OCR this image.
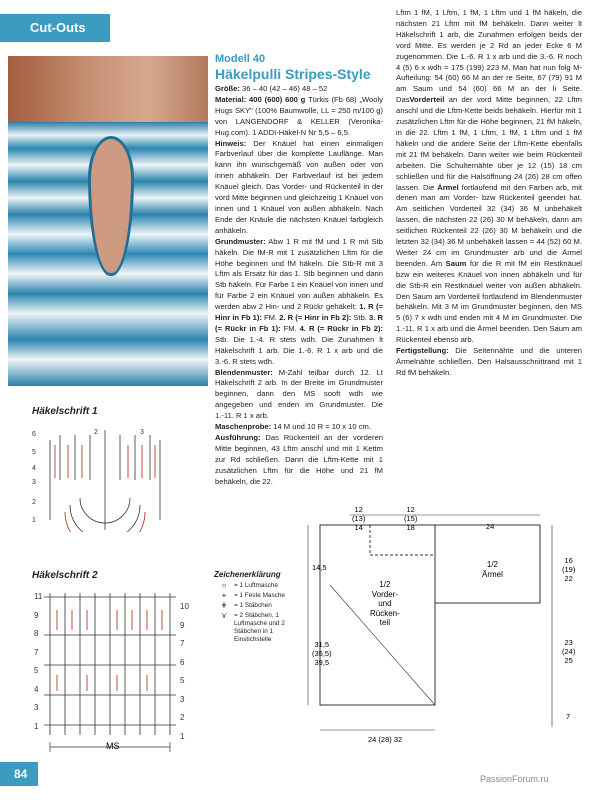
Cut-Outs
Häkelschrift 1
6
5
4
3
2
1
2	3
Häkelschrift 2
MS
11
9
8
7
5
4
3
1
10
9
7
6
5
3
2
1
Modell 40
Häkelpulli Stripes-Style

Größe: 36 – 40 (42 – 46) 48 – 52

Material: 400 (600) 600 g Türkis (Fb 68) „Wooly Hugs SKY" (100% Baumwolle, LL = 250 m/100 g) von LANGENDORF & KELLER (Veronika-Hug.com). 1 ADDI-Häkel-N Nr 5,5 – 6,5.

Hinweis: Der Knäuel hat einen einmaligen Farbverlauf über die komplette Lauflänge. Man kann ihn wunschgemäß von außen oder von innen abhäkeln. Der Farbverlauf ist bei jedem Knäuel gleich. Das Vorder- und Rückenteil in der vord Mitte beginnen und gleichzeitig 1 Knäuel von innen und 1 Knäuel von außen abhäkeln. Nach Ende der Knäule die nächsten Knäuel farbgleich anhäkeln.

Grundmuster: Abw 1 R mit fM und 1 R mit Stb häkeln. Die fM-R mit 1 zusätzlichen Lftm für die Höhe beginnen und fM häkeln. Die Stb-R mit 3 Lftm als Ersatz für das 1. Stb beginnen und dann Stb häkeln. Für Farbe 1 ein Knäuel von innen und für Farbe 2 ein Knäuel von außen abhäkeln. Es werden abw 2 Hin- und 2 Rückr gehäkelt: 1. R (= Hinr in Fb 1): FM. 2. R (= Hinr in Fb 2): Stb. 3. R (= Rückr in Fb 1): FM. 4. R (= Rückr in Fb 2): Stb. Die 1.-4. R stets wdh. Die Zunahmen lt Häkelschrift 1 arb. Die 1.-6. R 1 x arb und die 3.-6. R stets wdh.

Blendenmuster: M-Zahl teilbar durch 12. Lt Häkelschrift 2 arb. In der Breite im Grundmuster beginnen, dann den MS sooft wdh wie angegeben und enden im Grundmuster. Die 1.-11. R 1 x arb.

Maschenprobe: 14 M und 10 R = 10 x 10 cm.

Ausführung: Das Rückenteil an der vorderen Mitte beginnen, 43 Lftm anschl und mit 1 Kettm zur Rd schließen. Dann die Lftm-Kette mit 1 zusätzlichen Lftm für die Höhe und 21 fM behäkeln, die 22.

Lftm 1 fM, 1 Lftm, 1 fM, 1 Lftm und 1 fM häkeln, die nächsten 21 Lftm mit fM behäkeln. Dann weiter lt Häkelschrift 1 arb, die Zunahmen erfolgen beids der vord Mitte. Es werden je 2 Rd an jeder Ecke 6 M zugenommen. Die 1.-6. R 1 x arb und die 3.-6. R noch 4 (5) 6 x wdh = 175 (199) 223 M. Man hat nun folg M-Aufteilung: 54 (60) 66 M an der re Seite, 67 (79) 91 M am Saum und 54 (60) 66 M an der li Seite. DasVorderteil an der vord Mitte beginnen, 22 Lftm anschl und die Lftm-Kette beids behäkeln. Hierfür mit 1 zusätzlichen Lftm für die Höhe beginnen, 21 fM häkeln, in die 22. Lftm 1 fM, 1 Lftm, 1 fM, 1 Lftm und 1 fM häkeln und die andere Seite der Lftm-Kette ebenfalls mit 21 fM behäkeln. Dann weiter wie beim Rückenteil arbeiten. Die Schulternähte über je 12 (15) 18 cm schließen und für die Halsöffnung 24 (26) 28 cm offen lassen. Die Ärmel fortlaufend mit den Farben arb, mit denen man am Vorder- bzw Rückenteil geendet hat. Am seitlichen Vorderteil 32 (34) 36 M unbehäkelt lassen, die nächsten 22 (26) 30 M behäkeln, dann am seitlichen Rückenteil 22 (26) 30 M behäkeln und die letzten 32 (34) 36 M unbehäkelt lassen = 44 (52) 60 M. Weiter 24 cm im Grundmuster arb und die Ärmel beenden. Am Saum für die R mit fM ein Restknäuel bzw ein weiteres Knäuel von innen abhäkeln und für die Stb-R ein Restknäuel weiter von außen abhäkeln. Den Saum am Vorderteil fortlaufend im Blendenmuster behäkeln. Mit 3 M im Grundmuster beginnen, den MS 5 (6) 7 x wdh und enden mit 4 M im Grundmuster. Die 1.-11. R 1 x arb und die Ärmel beenden. Den Saum am Rückenteil ebenso arb.
Fertigstellung: Die Seitennähte und die unteren Ärmelnähte schließen. Den Halsausschnittrand mit 1 Rd fM behäkeln.
Zeichenerklärung
○	= 1 Luftmasche
+	= 1 Feste Masche
ǂ	= 1 Stäbchen
⋎	= 2 Stäbchen, 1 Luftmasche und 2 Stäbchen in 1 Einstichstelle
12
(13)
14
12
(15)
18	24
14,5
31,5
(35,5)
39,5
1/2
Vorder-
und
Rücken-
teil
1/2
Ärmel
16
(19)
22
23
(24)
25
7
24 (28) 32
84	PassionForum.ru
